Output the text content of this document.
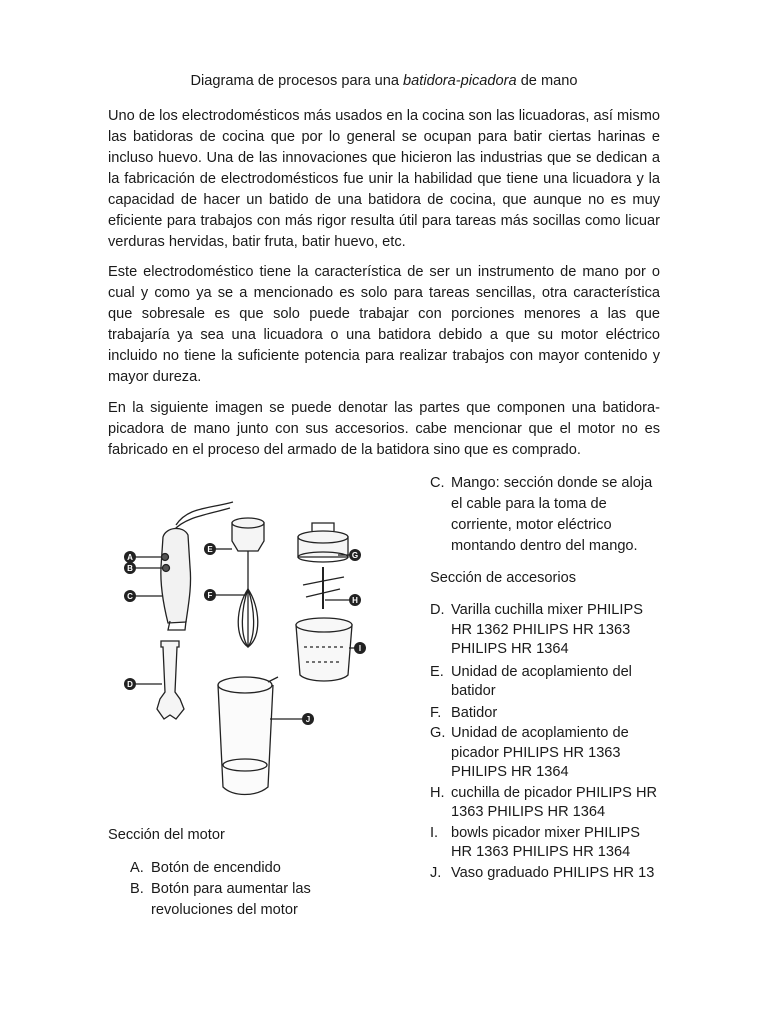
Diagrama de procesos para una batidora-picadora de mano

Uno de los electrodomésticos más usados en la cocina son las licuadoras, así mismo las batidoras de cocina que por lo general se ocupan para batir ciertas harinas e incluso huevo. Una de las innovaciones que hicieron las industrias que se dedican a la fabricación de electrodomésticos fue unir la habilidad que tiene una licuadora y la capacidad de hacer un batido de una batidora de cocina, que aunque no es muy eficiente para trabajos con más rigor resulta útil para tareas más socillas como licuar verduras hervidas, batir fruta, batir huevo, etc.

Este electrodoméstico tiene la característica de ser un instrumento de mano por o cual y como ya se a mencionado es solo para tareas sencillas, otra característica que sobresale es que solo puede trabajar con porciones menores a las que trabajaría ya sea una licuadora o una batidora debido a que su motor eléctrico incluido no tiene la suficiente potencia para realizar trabajos con mayor contenido y mayor dureza.

En la siguiente imagen se puede denotar las partes que componen una batidora-picadora de mano junto con sus accesorios. cabe mencionar que el motor no es fabricado en el proceso del armado de la batidora sino que es comprado.

A
B
C
D
E
F
G
H
I
J
Sección del motor
A. Botón de encendido
B. Botón para aumentar las revoluciones del motor
C. Mango: sección donde se aloja el cable para la toma de corriente, motor eléctrico montando dentro del mango.
Sección de accesorios
D. Varilla cuchilla mixer PHILIPS HR 1362 PHILIPS HR 1363 PHILIPS HR 1364
E. Unidad de acoplamiento del batidor
F. Batidor
G. Unidad de acoplamiento de picador PHILIPS HR 1363 PHILIPS HR 1364
H. cuchilla de picador PHILIPS HR 1363 PHILIPS HR 1364
I. bowls picador mixer PHILIPS HR 1363 PHILIPS HR 1364
J. Vaso graduado PHILIPS HR 13
